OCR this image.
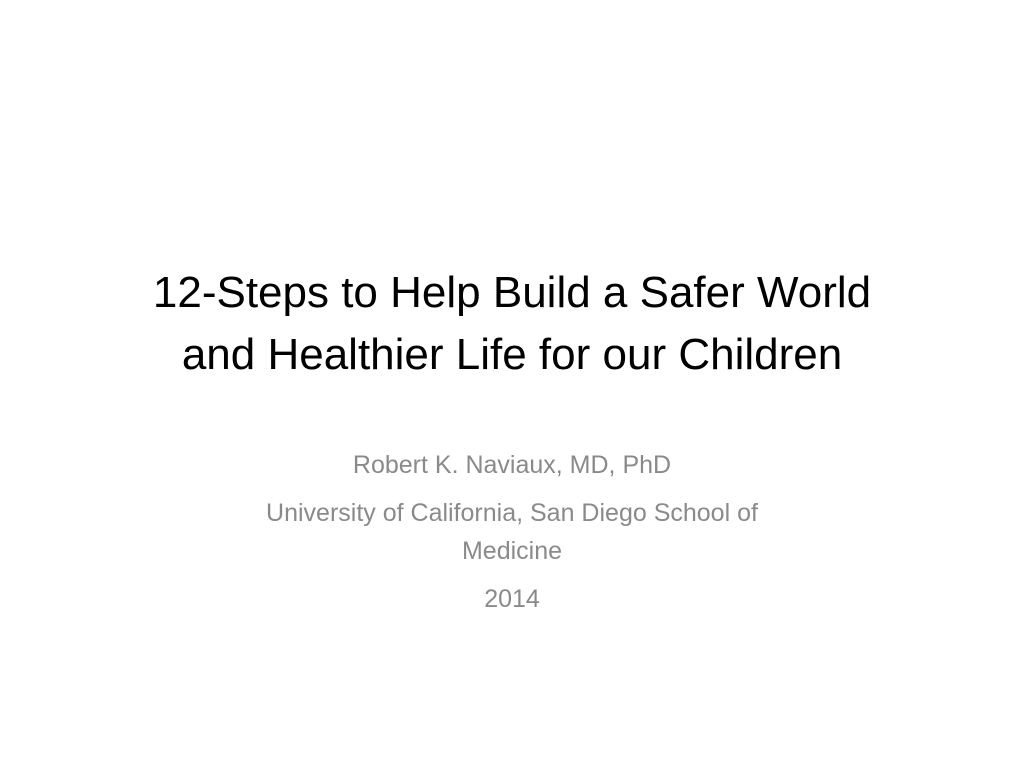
12-Steps to Help Build a Safer World
and Healthier Life for our Children
Robert K. Naviaux, MD, PhD
University of California, San Diego School of
Medicine
2014
